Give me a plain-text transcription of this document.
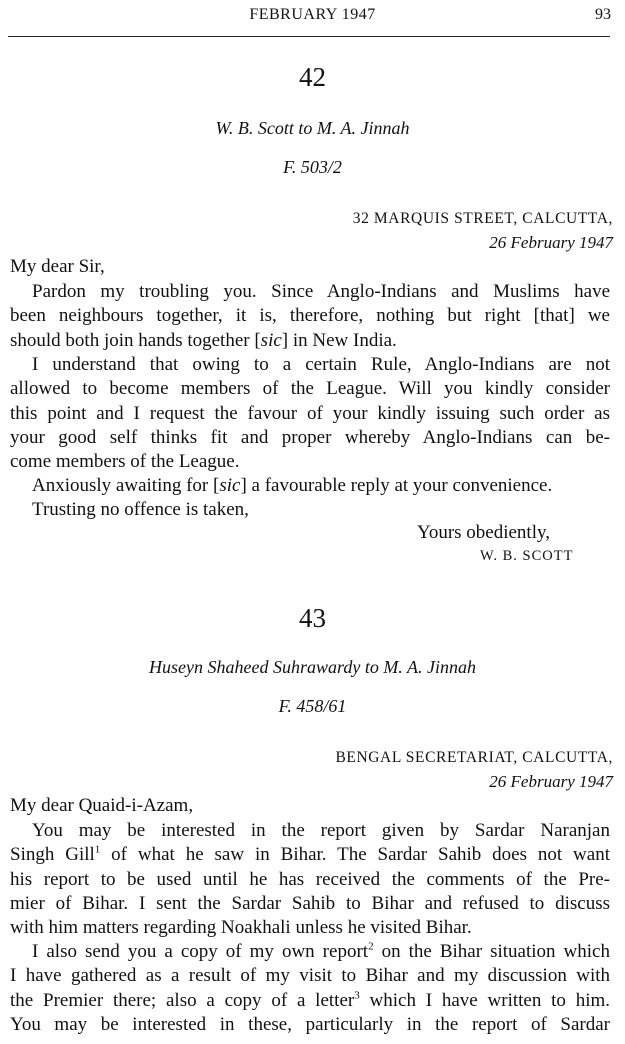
FEBRUARY 1947	93
42
W. B. Scott to M. A. Jinnah
F. 503/2
32 MARQUIS STREET, CALCUTTA,
26 February 1947
My dear Sir,
Pardon my troubling you. Since Anglo-Indians and Muslims have
been neighbours together, it is, therefore, nothing but right [that] we
should both join hands together [sic] in New India.
I understand that owing to a certain Rule, Anglo-Indians are not
allowed to become members of the League. Will you kindly consider
this point and I request the favour of your kindly issuing such order as
your good self thinks fit and proper whereby Anglo-Indians can be-
come members of the League.
Anxiously awaiting for [sic] a favourable reply at your convenience.
Trusting no offence is taken,
Yours obediently,
W. B. SCOTT
43
Huseyn Shaheed Suhrawardy to M. A. Jinnah
F. 458/61
BENGAL SECRETARIAT, CALCUTTA,
26 February 1947
My dear Quaid-i-Azam,
You may be interested in the report given by Sardar Naranjan
Singh Gill$^1$ of what he saw in Bihar. The Sardar Sahib does not want
his report to be used until he has received the comments of the Pre-
mier of Bihar. I sent the Sardar Sahib to Bihar and refused to discuss
with him matters regarding Noakhali unless he visited Bihar.
I also send you a copy of my own report$^2$ on the Bihar situation which
I have gathered as a result of my visit to Bihar and my discussion with
the Premier there; also a copy of a letter$^3$ which I have written to him.
You may be interested in these, particularly in the report of Sardar
